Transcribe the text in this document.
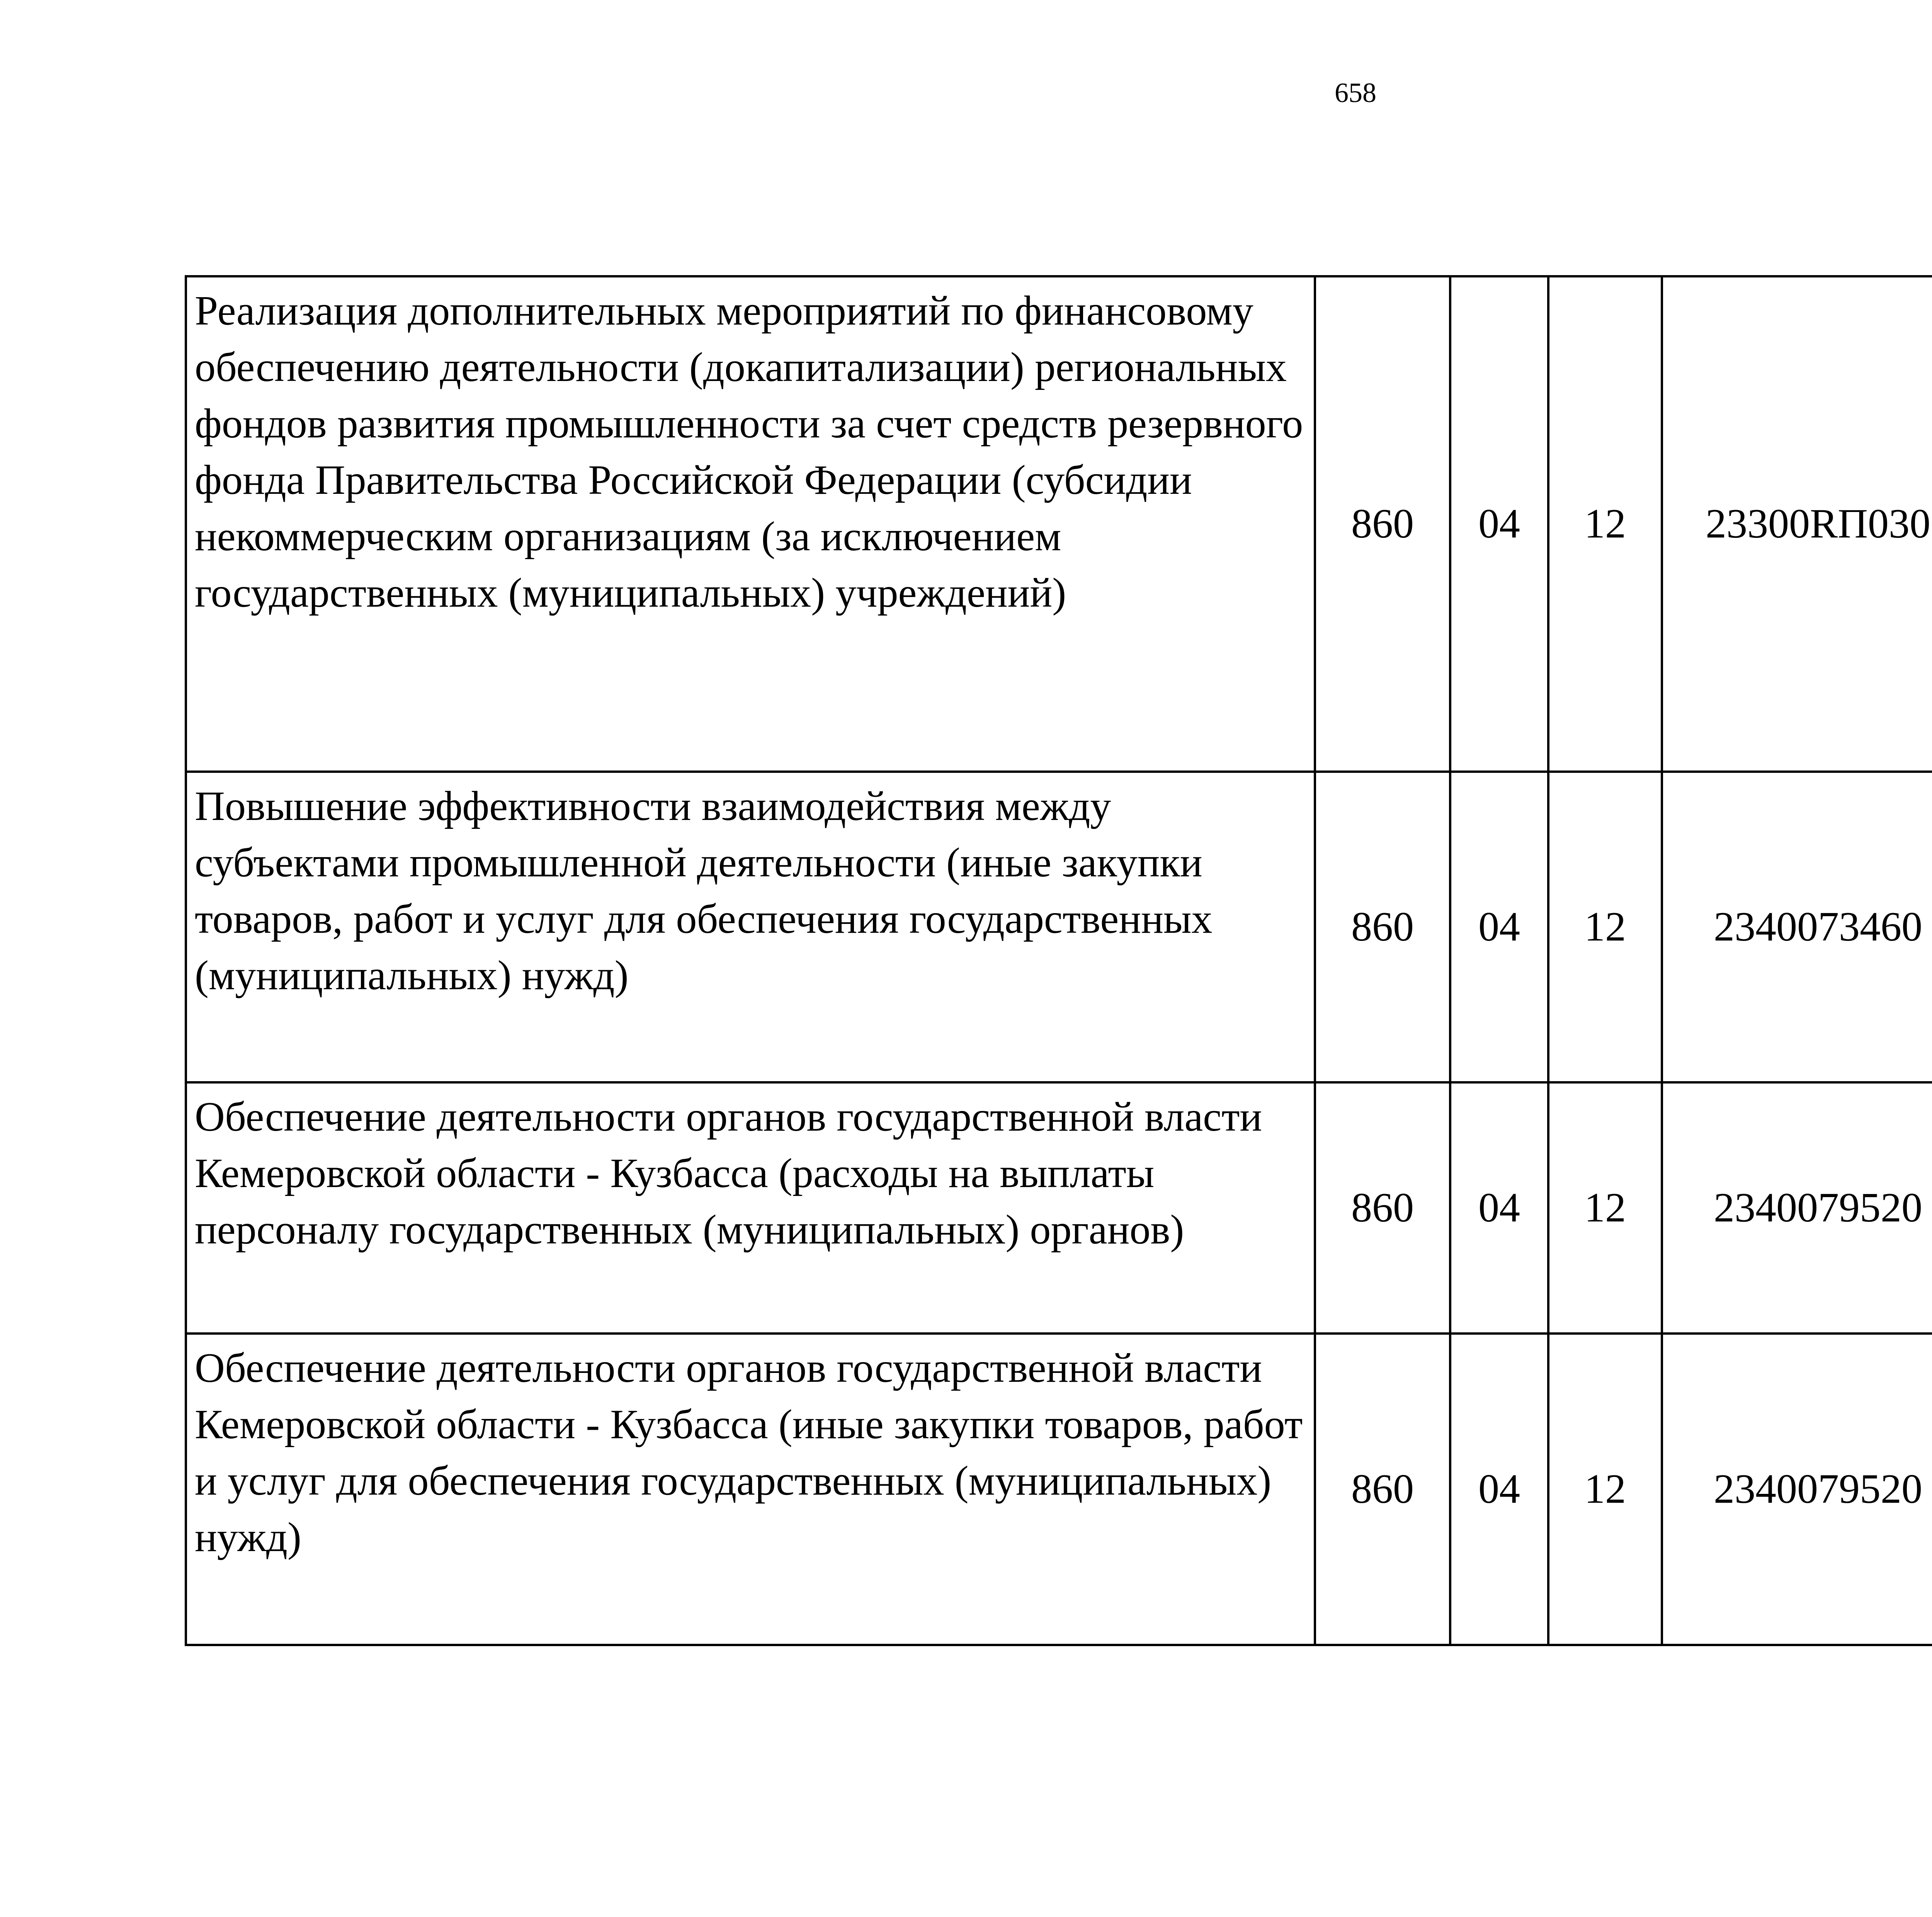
658
Реализация дополнительных мероприятий по финансовому обеспечению деятельности (докапитализации) региональных фондов развития промышленности за счет средств резервного фонда Правительства Российской Федерации (субсидии некоммерческим организациям (за исключением государственных (муниципальных) учреждений)	860	04	12	23300RП030		
Повышение эффективности взаимодействия между субъектами промышленной деятельности (иные закупки товаров, работ и услуг для обеспечения государственных (муниципальных) нужд)	860	04	12	2340073460		
Обеспечение деятельности органов государственной власти Кемеровской области - Кузбасса (расходы на выплаты персоналу государственных (муниципальных) органов)	860	04	12	2340079520		
Обеспечение деятельности органов государственной власти Кемеровской области - Кузбасса (иные закупки товаров, работ и услуг для обеспечения государственных (муниципальных) нужд)	860	04	12	2340079520		
